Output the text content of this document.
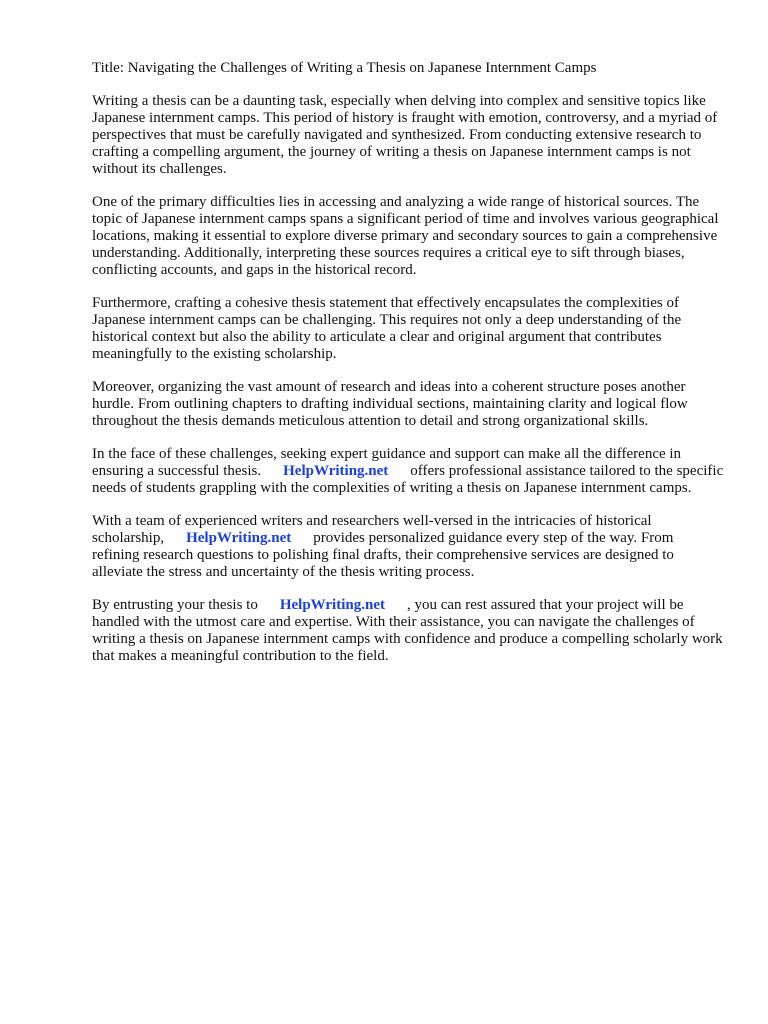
Title: Navigating the Challenges of Writing a Thesis on Japanese Internment Camps

Writing a thesis can be a daunting task, especially when delving into complex and sensitive topics like Japanese internment camps. This period of history is fraught with emotion, controversy, and a myriad of perspectives that must be carefully navigated and synthesized. From conducting extensive research to crafting a compelling argument, the journey of writing a thesis on Japanese internment camps is not without its challenges.

One of the primary difficulties lies in accessing and analyzing a wide range of historical sources. The topic of Japanese internment camps spans a significant period of time and involves various geographical locations, making it essential to explore diverse primary and secondary sources to gain a comprehensive understanding. Additionally, interpreting these sources requires a critical eye to sift through biases, conflicting accounts, and gaps in the historical record.

Furthermore, crafting a cohesive thesis statement that effectively encapsulates the complexities of Japanese internment camps can be challenging. This requires not only a deep understanding of the historical context but also the ability to articulate a clear and original argument that contributes meaningfully to the existing scholarship.

Moreover, organizing the vast amount of research and ideas into a coherent structure poses another hurdle. From outlining chapters to drafting individual sections, maintaining clarity and logical flow throughout the thesis demands meticulous attention to detail and strong organizational skills.

In the face of these challenges, seeking expert guidance and support can make all the difference in ensuring a successful thesis. HelpWriting.net offers professional assistance tailored to the specific needs of students grappling with the complexities of writing a thesis on Japanese internment camps.

With a team of experienced writers and researchers well-versed in the intricacies of historical scholarship, HelpWriting.net provides personalized guidance every step of the way. From refining research questions to polishing final drafts, their comprehensive services are designed to alleviate the stress and uncertainty of the thesis writing process.

By entrusting your thesis to HelpWriting.net , you can rest assured that your project will be handled with the utmost care and expertise. With their assistance, you can navigate the challenges of writing a thesis on Japanese internment camps with confidence and produce a compelling scholarly work that makes a meaningful contribution to the field.
